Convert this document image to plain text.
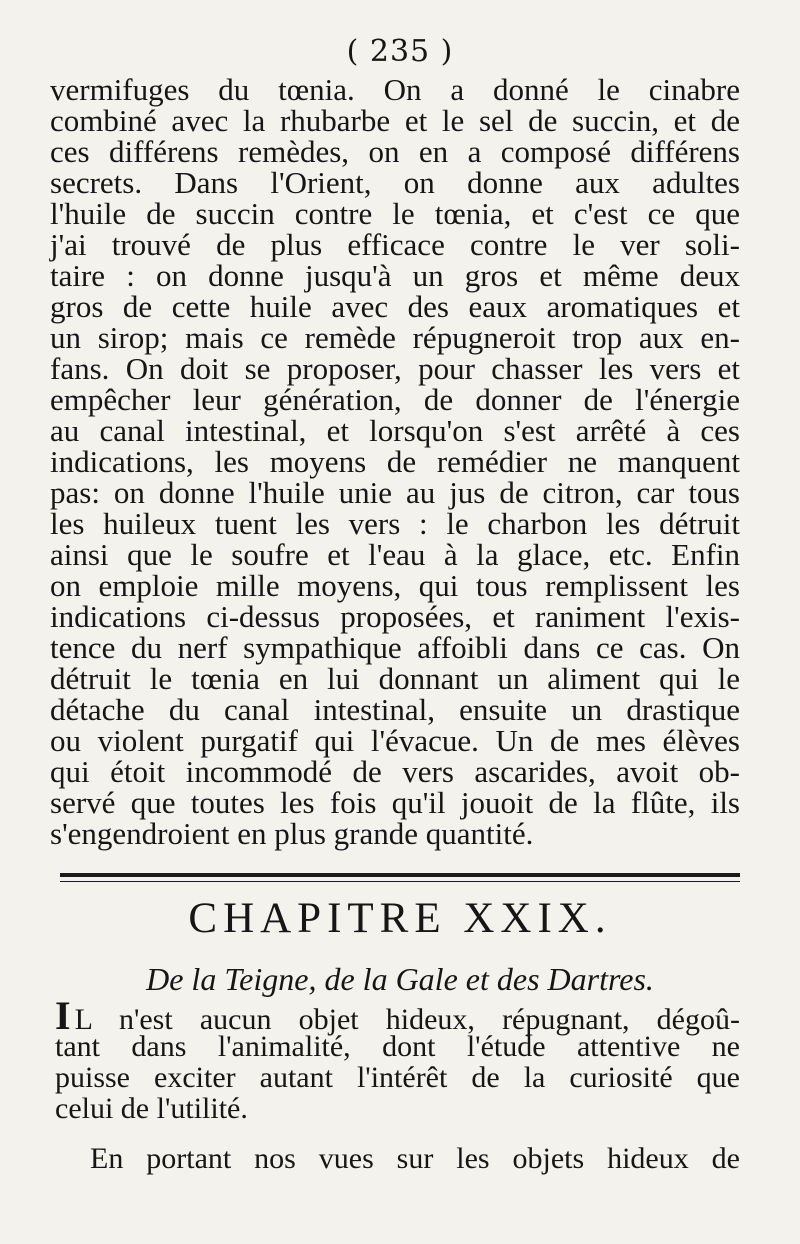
( 235 )
vermifuges du tœnia. On a donné le cinabre
combiné avec la rhubarbe et le sel de succin, et de
ces différens remèdes, on en a composé différens
secrets. Dans l'Orient, on donne aux adultes
l'huile de succin contre le tœnia, et c'est ce que
j'ai trouvé de plus efficace contre le ver soli-
taire : on donne jusqu'à un gros et même deux
gros de cette huile avec des eaux aromatiques et
un sirop; mais ce remède répugneroit trop aux en-
fans. On doit se proposer, pour chasser les vers et
empêcher leur génération, de donner de l'énergie
au canal intestinal, et lorsqu'on s'est arrêté à ces
indications, les moyens de remédier ne manquent
pas: on donne l'huile unie au jus de citron, car tous
les huileux tuent les vers : le charbon les détruit
ainsi que le soufre et l'eau à la glace, etc. Enfin
on emploie mille moyens, qui tous remplissent les
indications ci-dessus proposées, et raniment l'exis-
tence du nerf sympathique affoibli dans ce cas. On
détruit le tœnia en lui donnant un aliment qui le
détache du canal intestinal, ensuite un drastique
ou violent purgatif qui l'évacue. Un de mes élèves
qui étoit incommodé de vers ascarides, avoit ob-
servé que toutes les fois qu'il jouoit de la flûte, ils
s'engendroient en plus grande quantité.
CHAPITRE XXIX.
De la Teigne, de la Gale et des Dartres.
I L n'est aucun objet hideux, répugnant, dégoû-
tant dans l'animalité, dont l'étude attentive ne
puisse exciter autant l'intérêt de la curiosité que
celui de l'utilité.
En portant nos vues sur les objets hideux de
